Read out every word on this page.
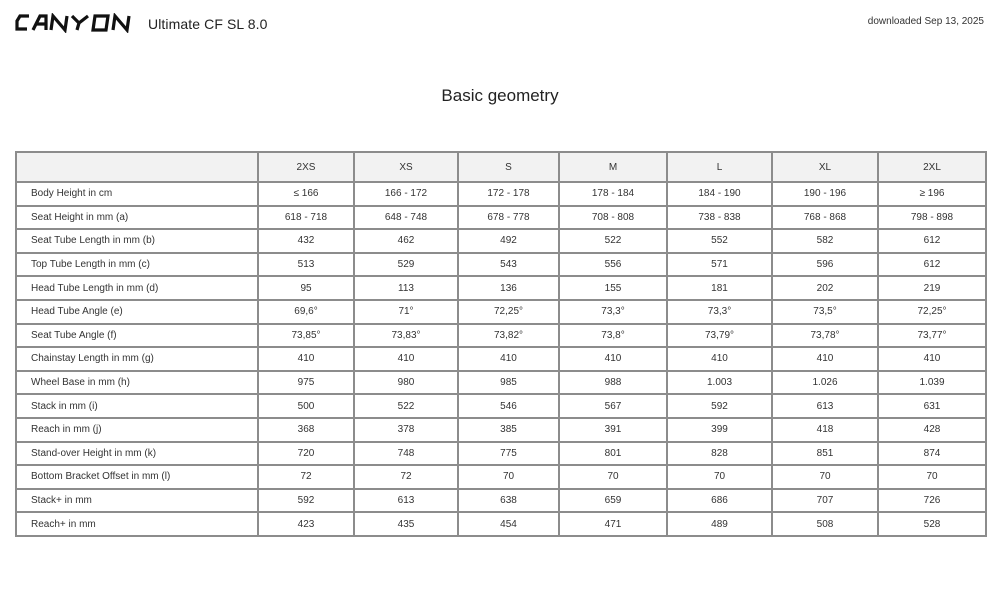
Ultimate CF SL 8.0	downloaded Sep 13, 2025
Basic geometry
	2XS	XS	S	M	L	XL	2XL
Body Height in cm	≤ 166	166 - 172	172 - 178	178 - 184	184 - 190	190 - 196	≥ 196
Seat Height in mm (a)	618 - 718	648 - 748	678 - 778	708 - 808	738 - 838	768 - 868	798 - 898
Seat Tube Length in mm (b)	432	462	492	522	552	582	612
Top Tube Length in mm (c)	513	529	543	556	571	596	612
Head Tube Length in mm (d)	95	113	136	155	181	202	219
Head Tube Angle (e)	69,6°	71°	72,25°	73,3°	73,3°	73,5°	72,25°
Seat Tube Angle (f)	73,85°	73,83°	73,82°	73,8°	73,79°	73,78°	73,77°
Chainstay Length in mm (g)	410	410	410	410	410	410	410
Wheel Base in mm (h)	975	980	985	988	1.003	1.026	1.039
Stack in mm (i)	500	522	546	567	592	613	631
Reach in mm (j)	368	378	385	391	399	418	428
Stand-over Height in mm (k)	720	748	775	801	828	851	874
Bottom Bracket Offset in mm (l)	72	72	70	70	70	70	70
Stack+ in mm	592	613	638	659	686	707	726
Reach+ in mm	423	435	454	471	489	508	528
